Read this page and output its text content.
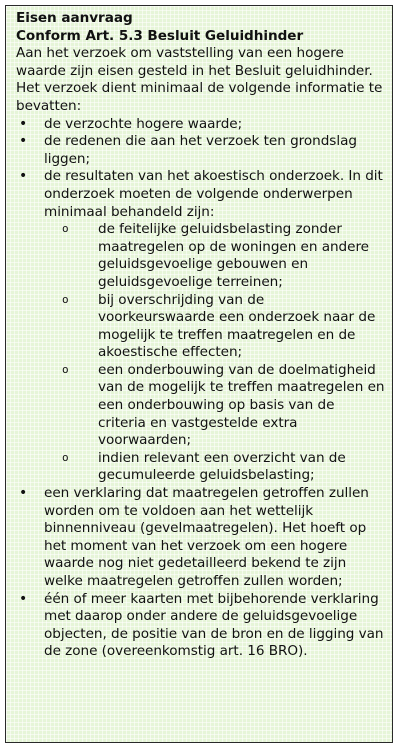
Eisen aanvraag
Conform Art. 5.3 Besluit Geluidhinder

Aan het verzoek om vaststelling van een hogere waarde zijn eisen gesteld in het Besluit geluidhinder. Het verzoek dient minimaal de volgende informatie te bevatten:

• de verzochte hogere waarde;
• de redenen die aan het verzoek ten grondslag liggen;
• de resultaten van het akoestisch onderzoek. In dit onderzoek moeten de volgende onderwerpen minimaal behandeld zijn:
o de feitelijke geluidsbelasting zonder maatregelen op de woningen en andere geluidsgevoelige gebouwen en geluidsgevoelige terreinen;
o bij overschrijding van de voorkeurswaarde een onderzoek naar de mogelijk te treffen maatregelen en de akoestische effecten;
o een onderbouwing van de doelmatigheid van de mogelijk te treffen maatregelen en een onderbouwing op basis van de criteria en vastgestelde extra voorwaarden;
o indien relevant een overzicht van de gecumuleerde geluidsbelasting;
• een verklaring dat maatregelen getroffen zullen worden om te voldoen aan het wettelijk binnenniveau (gevelmaatregelen). Het hoeft op het moment van het verzoek om een hogere waarde nog niet gedetailleerd bekend te zijn welke maatregelen getroffen zullen worden;
• één of meer kaarten met bijbehorende verklaring met daarop onder andere de geluidsgevoelige objecten, de positie van de bron en de ligging van de zone (overeenkomstig art. 16 BRO).
